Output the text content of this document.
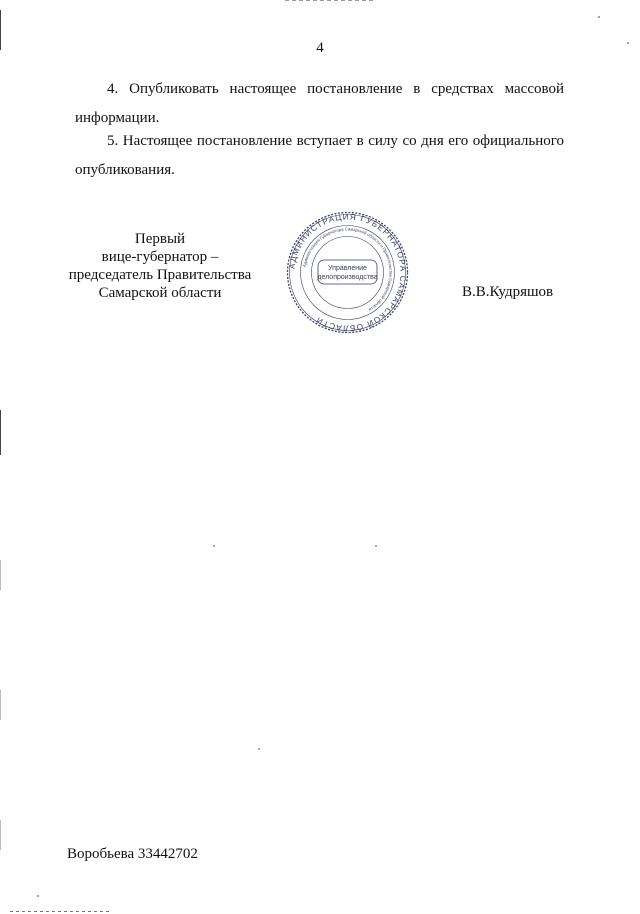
4
4. Опубликовать настоящее постановление в средствах массовой информации.
5. Настоящее постановление вступает в силу со дня его официального опубликования.
Первый
вице-губернатор –
председатель Правительства
Самарской области
АДМИНИСТРАЦИЯ ГУБЕРНАТОРА САМАРСКОЙ ОБЛАСТИ
Администрация Губернатора Самарской области и Правительства Самарской области
Управление
делопроизводства
В.В.Кудряшов
Воробьева 33442702
